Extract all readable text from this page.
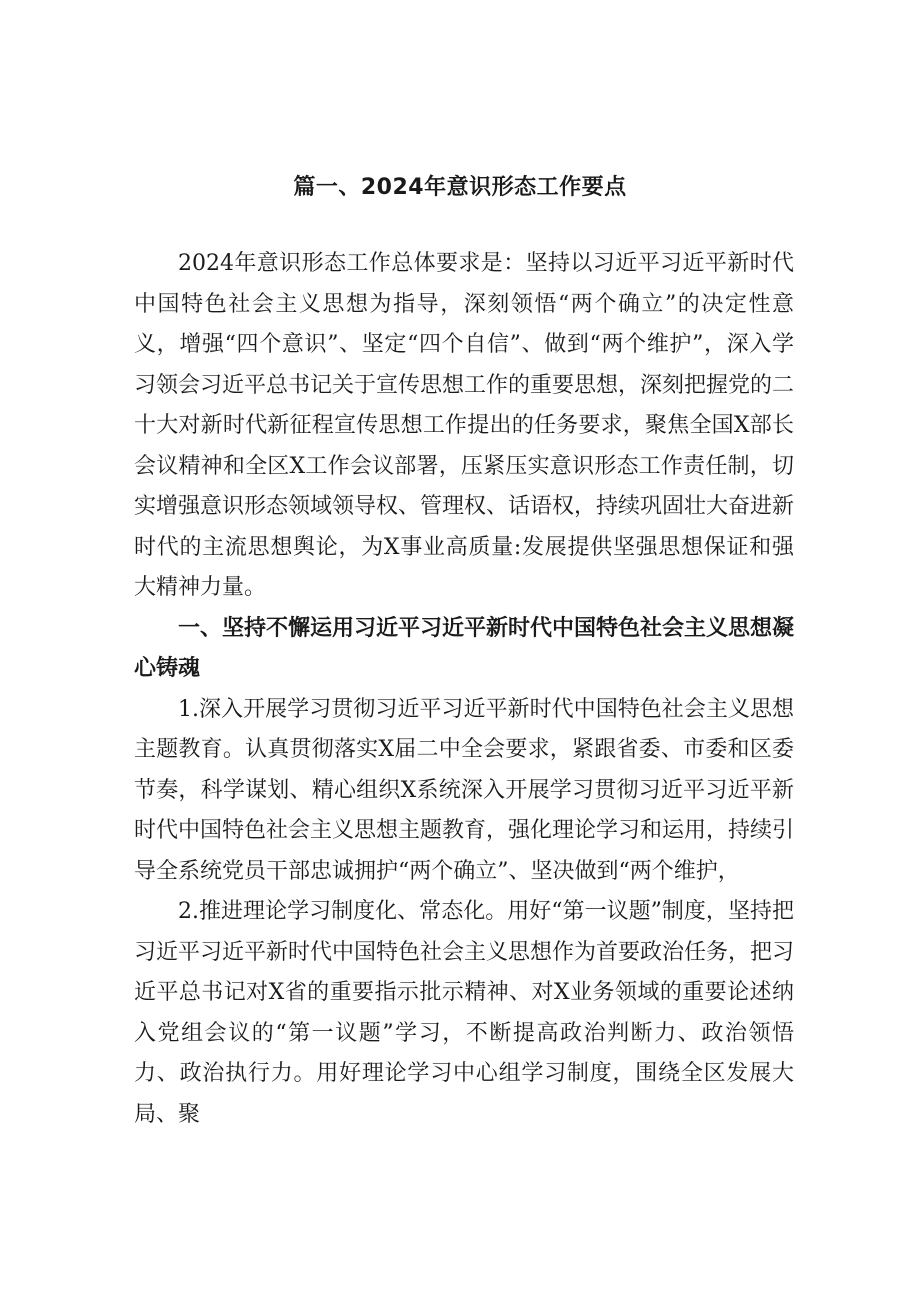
篇一、2024年意识形态工作要点

2024年意识形态工作总体要求是：坚持以习近平习近平新时代中国特色社会主义思想为指导，深刻领悟“两个确立”的决定性意义，增强“四个意识”、坚定“四个自信”、做到“两个维护”，深入学习领会习近平总书记关于宣传思想工作的重要思想，深刻把握党的二十大对新时代新征程宣传思想工作提出的任务要求，聚焦全国X部长会议精神和全区X工作会议部署，压紧压实意识形态工作责任制，切实增强意识形态领域领导权、管理权、话语权，持续巩固壮大奋进新时代的主流思想舆论，为X事业高质量:发展提供坚强思想保证和强大精神力量。

一、坚持不懈运用习近平习近平新时代中国特色社会主义思想凝心铸魂

1.深入开展学习贯彻习近平习近平新时代中国特色社会主义思想主题教育。认真贯彻落实X届二中全会要求，紧跟省委、市委和区委节奏，科学谋划、精心组织X系统深入开展学习贯彻习近平习近平新时代中国特色社会主义思想主题教育，强化理论学习和运用，持续引导全系统党员干部忠诚拥护“两个确立”、坚决做到“两个维护，

2.推进理论学习制度化、常态化。用好“第一议题”制度，坚持把习近平习近平新时代中国特色社会主义思想作为首要政治任务，把习近平总书记对X省的重要指示批示精神、对X业务领域的重要论述纳入党组会议的“第一议题”学习，不断提高政治判断力、政治领悟力、政治执行力。用好理论学习中心组学习制度，围绕全区发展大局、聚
